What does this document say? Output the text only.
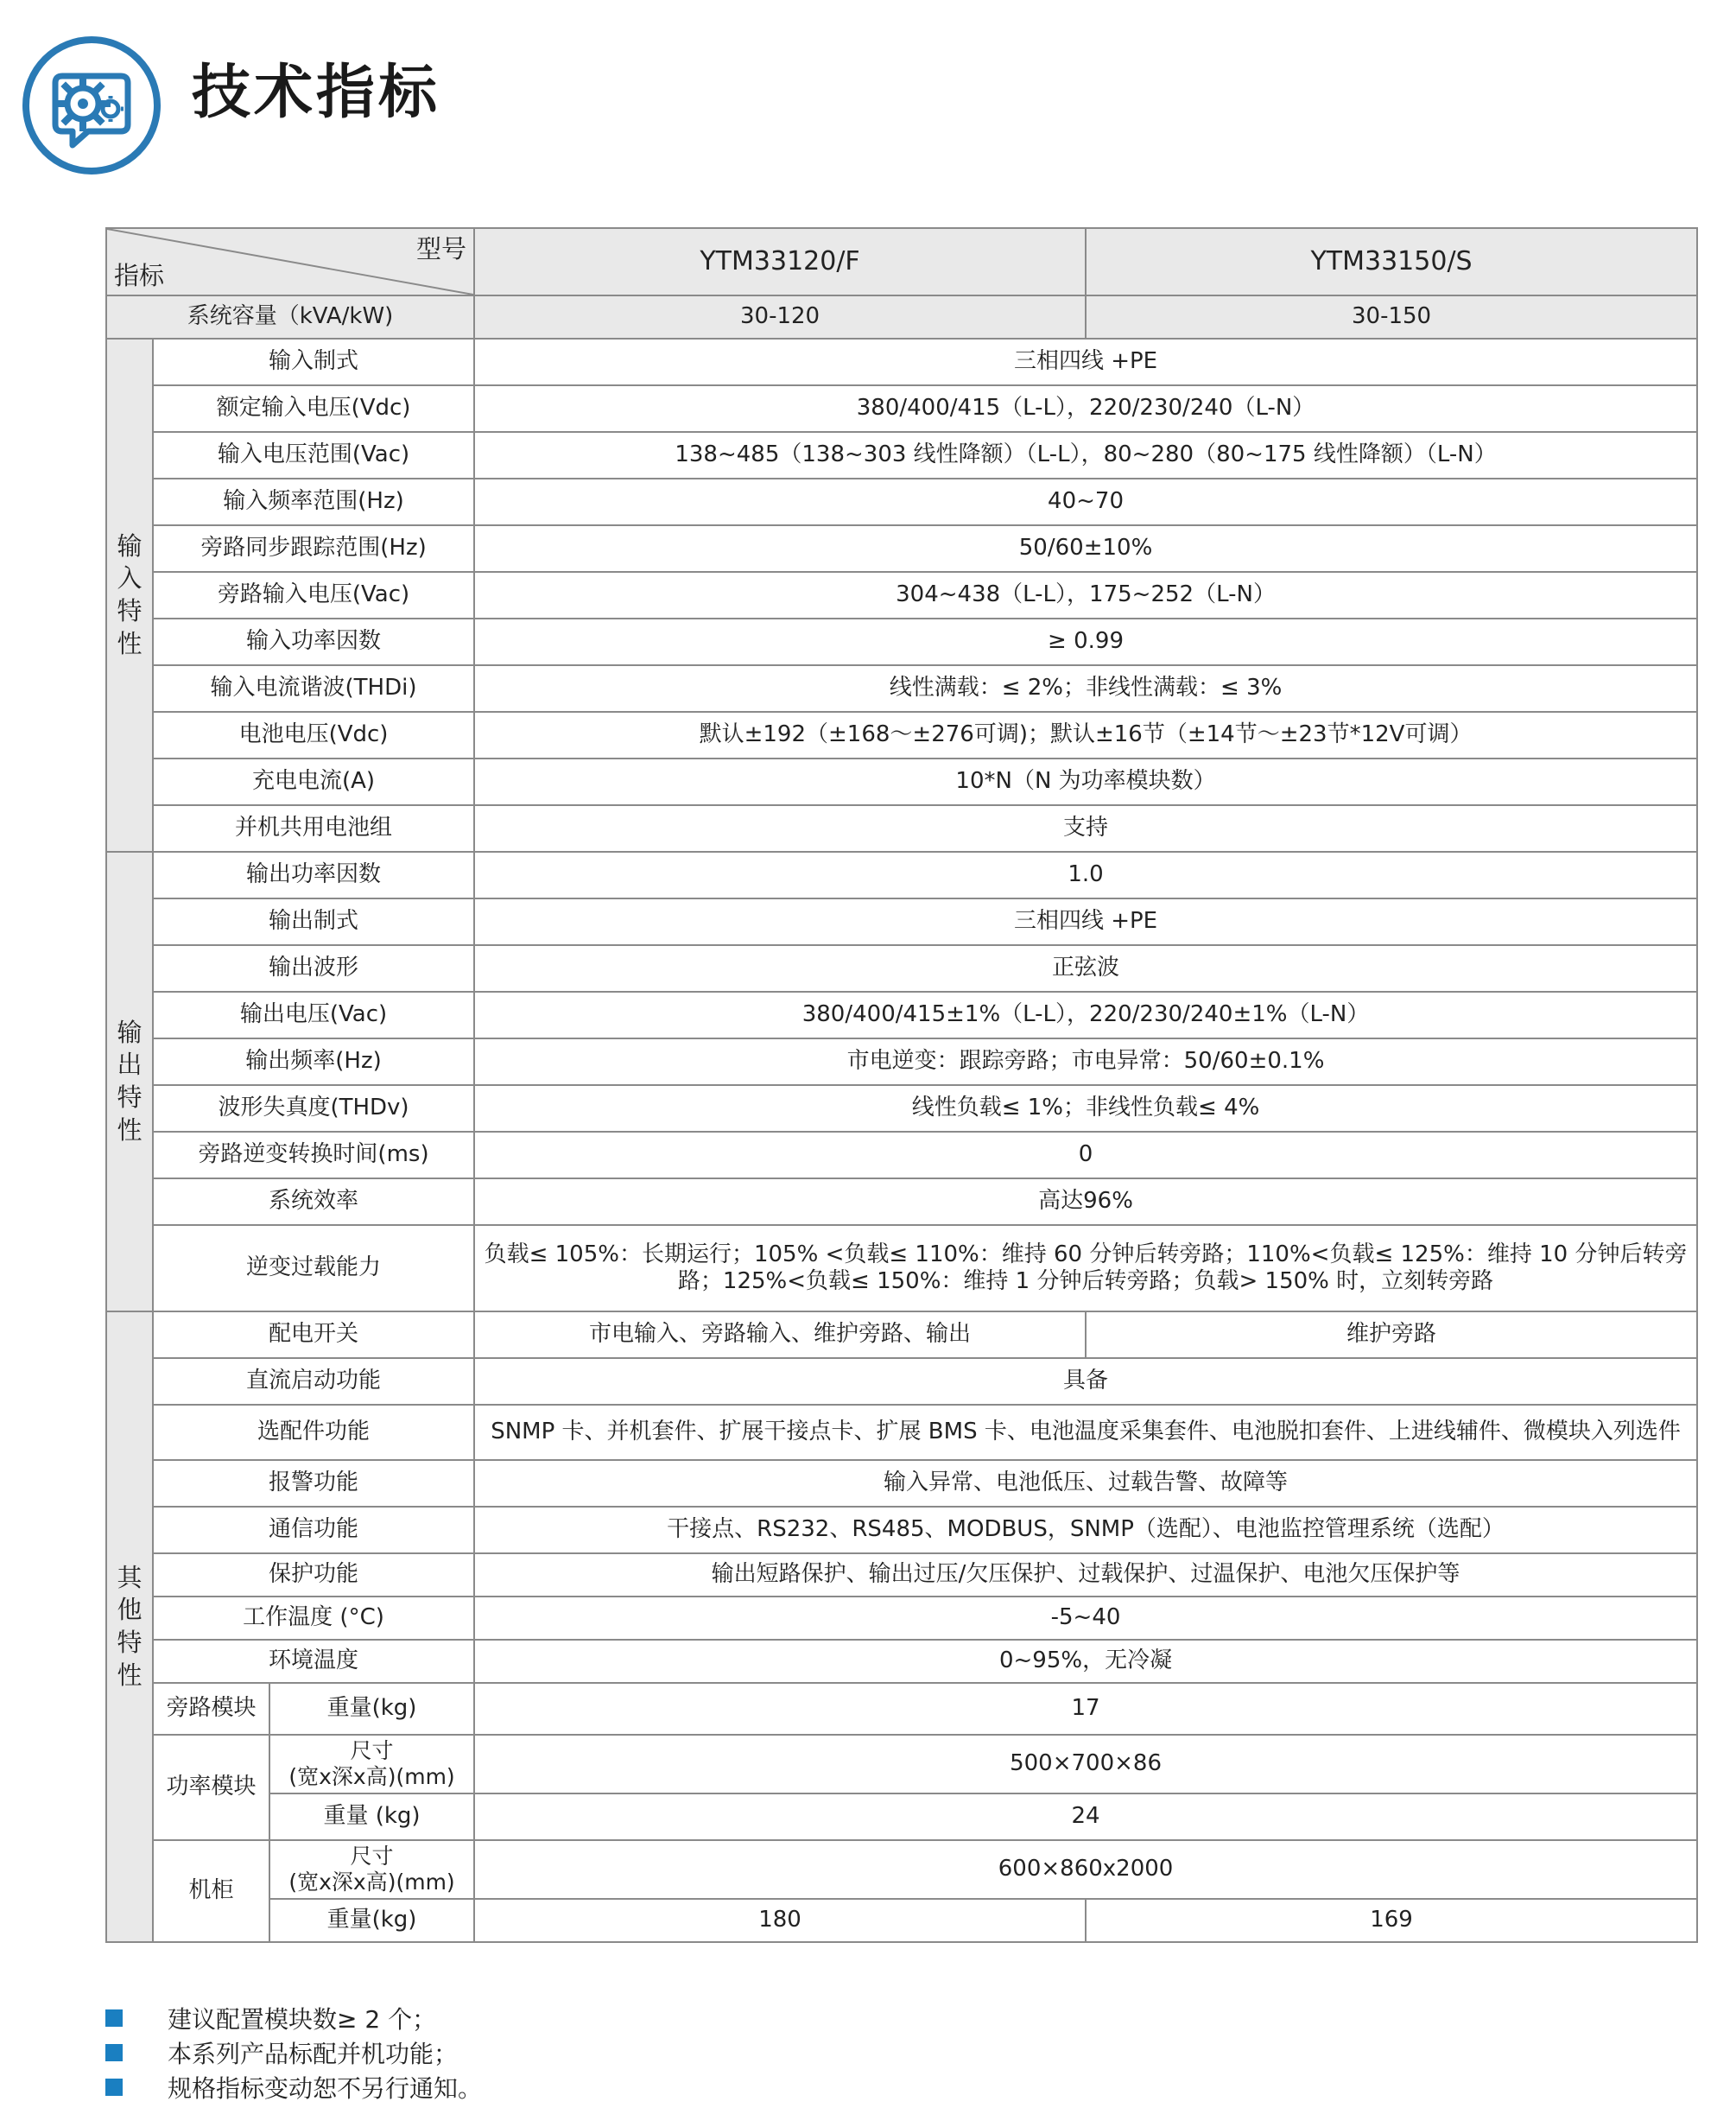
技术指标
型号
指标			YTM33120/F	YTM33150/S
系统容量（kVA/kW)			30-120	30-150
输入特性	输入制式		三相四线 +PE	
	额定输入电压(Vdc)		380/400/415（L-L），220/230/240（L-N）	
	输入电压范围(Vac)		138~485（138~303 线性降额）（L-L），80~280（80~175 线性降额）（L-N）	
	输入频率范围(Hz)		40~70	
	旁路同步跟踪范围(Hz)		50/60±10%	
	旁路输入电压(Vac)		304~438（L-L），175~252（L-N）	
	输入功率因数		≥ 0.99	
	输入电流谐波(THDi)		线性满载：≤ 2%；非线性满载：≤ 3%	
	电池电压(Vdc)		默认±192（±168～±276可调)；默认±16节（±14节～±23节*12V可调）	
	充电电流(A)		10*N（N 为功率模块数）	
	并机共用电池组		支持	
输出特性	输出功率因数		1.0	
	输出制式		三相四线 +PE	
	输出波形		正弦波	
	输出电压(Vac)		380/400/415±1%（L-L），220/230/240±1%（L-N）	
	输出频率(Hz)		市电逆变：跟踪旁路；市电异常：50/60±0.1%	
	波形失真度(THDv)		线性负载≤ 1%；非线性负载≤ 4%	
	旁路逆变转换时间(ms)		0	
	系统效率		高达96%	
	逆变过载能力		负载≤ 105%：长期运行；105% <负载≤ 110%：维持 60 分钟后转旁路；110%<负载≤ 125%：维持 10 分钟后转旁路；125%<负载≤ 150%：维持 1 分钟后转旁路；负载> 150% 时，立刻转旁路	
其他特性	配电开关		市电输入、旁路输入、维护旁路、输出	维护旁路
	直流启动功能		具备	
	选配件功能		SNMP 卡、并机套件、扩展干接点卡、扩展 BMS 卡、电池温度采集套件、电池脱扣套件、上进线辅件、微模块入列选件	
	报警功能		输入异常、电池低压、过载告警、故障等	
	通信功能		干接点、RS232、RS485、MODBUS，SNMP（选配）、电池监控管理系统（选配）	
	保护功能		输出短路保护、输出过压/欠压保护、过载保护、过温保护、电池欠压保护等	
	工作温度 (°C)		-5~40	
	环境温度		0~95%，无冷凝	
	旁路模块	重量(kg)	17	
	功率模块	尺寸
(宽x深x高)(mm)	500×700×86	
		重量 (kg)	24	
	机柜	尺寸
(宽x深x高)(mm)	600×860x2000	
		重量(kg)	180	169
建议配置模块数≥ 2 个；
本系列产品标配并机功能；
规格指标变动恕不另行通知。
